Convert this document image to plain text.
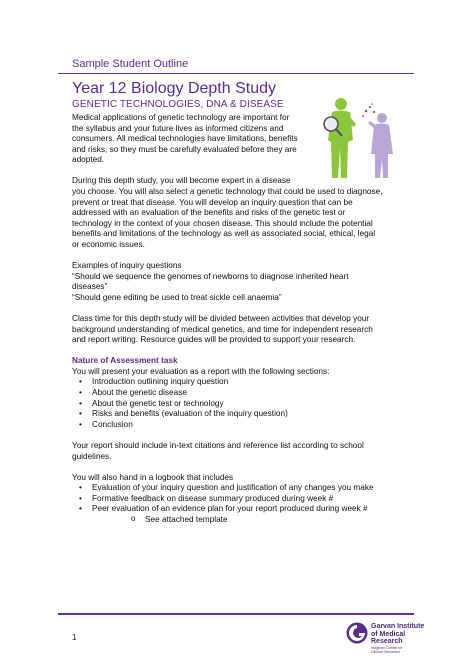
Sample Student Outline
Year 12 Biology Depth Study
GENETIC TECHNOLOGIES, DNA & DISEASE

Medical applications of genetic technology are important for
the syllabus and your future lives as informed citizens and
consumers. All medical technologies have limitations, benefits
and risks, so they must be carefully evaluated before they are
adopted.

During this depth study, you will become expert in a disease
you choose. You will also select a genetic technology that could be used to diagnose,
prevent or treat that disease. You will develop an inquiry question that can be
addressed with an evaluation of the benefits and risks of the genetic test or
technology in the context of your chosen disease. This should include the potential
benefits and limitations of the technology as well as associated social, ethical, legal
or economic issues.

Examples of inquiry questions
“Should we sequence the genomes of newborns to diagnose inherited heart
diseases”
“Should gene editing be used to treat sickle cell anaemia”

Class time for this depth study will be divided between activities that develop your
background understanding of medical genetics, and time for independent research
and report writing. Resource guides will be provided to support your research.

Nature of Assessment task
You will present your evaluation as a report with the following sections:

• Introduction outlining inquiry question
• About the genetic disease
• About the genetic test or technology
• Risks and benefits (evaluation of the inquiry question)
• Conclusion

Your report should include in-text citations and reference list according to school
guidelines.

You will also hand in a logbook that includes

• Evaluation of your inquiry question and justification of any changes you make
• Formative feedback on disease summary produced during week #
• Peer evaluation of an evidence plan for your report produced during week #
o See attached template
1
Garvan Institute
of Medical Research
Kinghorn Centre for
Clinical Genomics
